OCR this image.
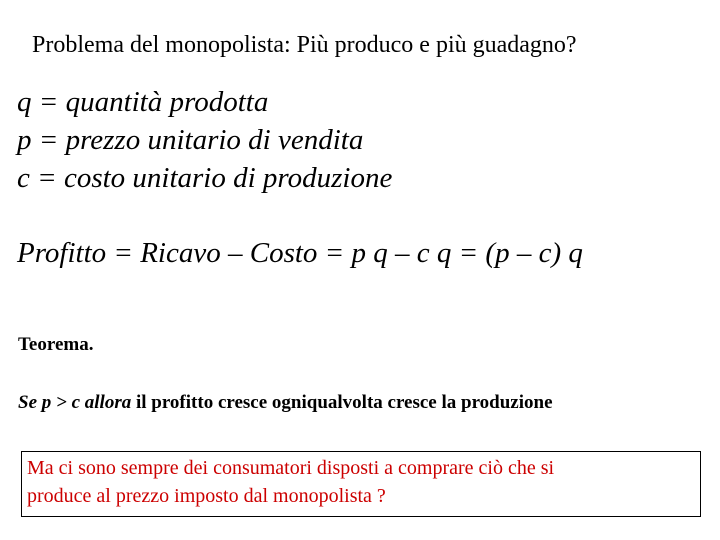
Problema del monopolista: Più produco e più guadagno?
q = quantità prodotta
p = prezzo unitario di vendita
c = costo unitario di produzione
Profitto = Ricavo – Costo = p q – c q = (p – c) q
Teorema.
Se p > c allora il profitto cresce ogniqualvolta cresce la produzione
Ma ci sono sempre dei consumatori disposti a comprare ciò che si
produce al prezzo imposto dal monopolista ?
